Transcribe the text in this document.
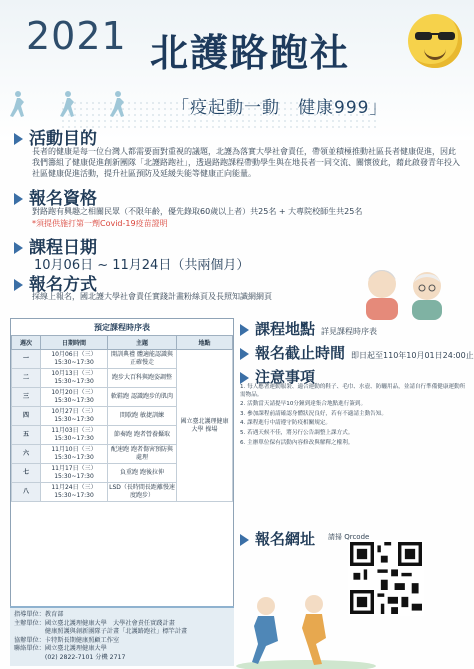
2021 北護路跑社
「疫起動一動　健康999」
活動目的
長者的健康是每一位台灣人都需要面對重視的議題，北護為落實大學社會責任，帶領並積極推動社區長者健康促進，因此我們籌組了健康促進創新團隊「北護路跑社」，透過路跑課程帶動學生與在地長者一同交流、關懷彼此，藉此啟發青年投入社區健康促進活動，提升社區預防及延緩失能等健康正向能量。
報名資格
對路跑有興趣之相關民眾（不限年齡，優先錄取60歲以上者）共25名 + 大專院校師生共25名
*須提供施打第一劑Covid-19疫苗證明
課程日期
10月06日 ~ 11月24日（共兩個月）
報名方式
採線上報名，國北護大學社會責任實踐計畫粉絲頁及長照知識網網頁
預定課程時序表
週次	日期時間	主題	地點
一	10月06日（三）15:30~17:30	開訓典禮 體適能認識與正確慢走	國立臺北護理健康大學 操場
二	10月13日（三）15:30~17:30	跑步大百科與跑姿調整	
三	10月20日（三）15:30~17:30	軟鞋跑 認識跑步的肌肉	
四	10月27日（三）15:30~17:30	間歇跑 敏捷訓練	
五	11月03日（三）15:30~17:30	節奏跑 跑者營養攝取	
六	11月10日（三）15:30~17:30	配速跑 跑者傷害預防與處理	
七	11月17日（三）15:30~17:30	負重跑 跑後拉伸	
八	11月24日（三）15:30~17:30	LSD（長時間長距離慢速度跑步）	
指導單位：教育部
主辦單位：國立臺北護理健康大學　大學社會責任實踐計畫
　　　　　健康照護與創新團隊子計畫「北護路跑社」標竿計畫
協辦單位：卡特斯長期健康照顧工作室
聯絡單位：國立臺北護理健康大學
　　　　　(02) 2822-7101 分機 2717
課程地點 詳見課程時序表
報名截止時間 即日起至110年10月01日24:00止
注意事項

1. 每人應著運動服裝、適合運動的鞋子、毛巾、水壺、防曬用品，並請自行準備健康運動所需物品。

2. 活動當天請提早10分鐘到達集合地點進行簽到。

3. 參加課程前請確認身體狀況良好，若有不適請主動告知。

4. 課程進行中請遵守防疫相關規定。

5. 若遇天候不佳，將另行公告調整上課方式。

6. 主辦單位保有活動內容修改與解釋之權利。

報名網址 請掃 Qrcode
